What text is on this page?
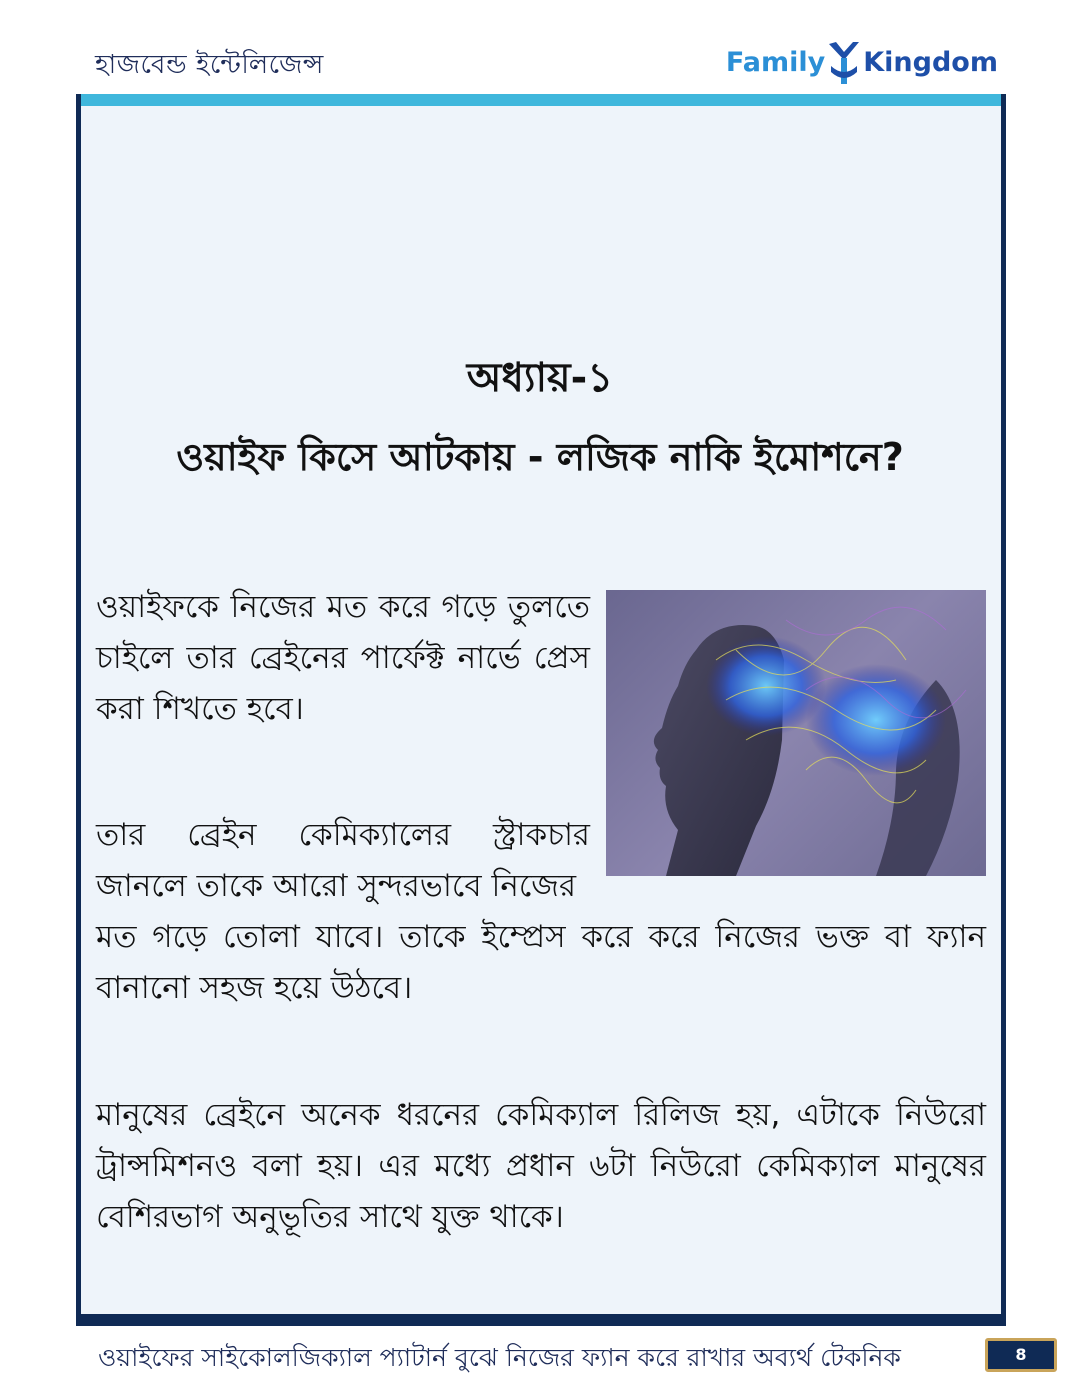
হাজবেন্ড ইন্টেলিজেন্স	Family Kingdom
অধ্যায়-১
ওয়াইফ কিসে আটকায় - লজিক নাকি ইমোশনে?

ওয়াইফকে নিজের মত করে গড়ে তুলতে চাইলে তার ব্রেইনের পার্ফেক্ট নার্ভে প্রেস করা শিখতে হবে।

তার ব্রেইন কেমিক্যালের স্ট্রাকচার জানলে তাকে আরো সুন্দরভাবে নিজের

মত গড়ে তোলা যাবে। তাকে ইম্প্রেস করে করে নিজের ভক্ত বা ফ্যান বানানো সহজ হয়ে উঠবে।

মানুষের ব্রেইনে অনেক ধরনের কেমিক্যাল রিলিজ হয়, এটাকে নিউরো ট্রান্সমিশনও বলা হয়। এর মধ্যে প্রধান ৬টা নিউরো কেমিক্যাল মানুষের বেশিরভাগ অনুভূতির সাথে যুক্ত থাকে।

ওয়াইফের সাইকোলজিক্যাল প্যাটার্ন বুঝে নিজের ফ্যান করে রাখার অব্যর্থ টেকনিক	8
